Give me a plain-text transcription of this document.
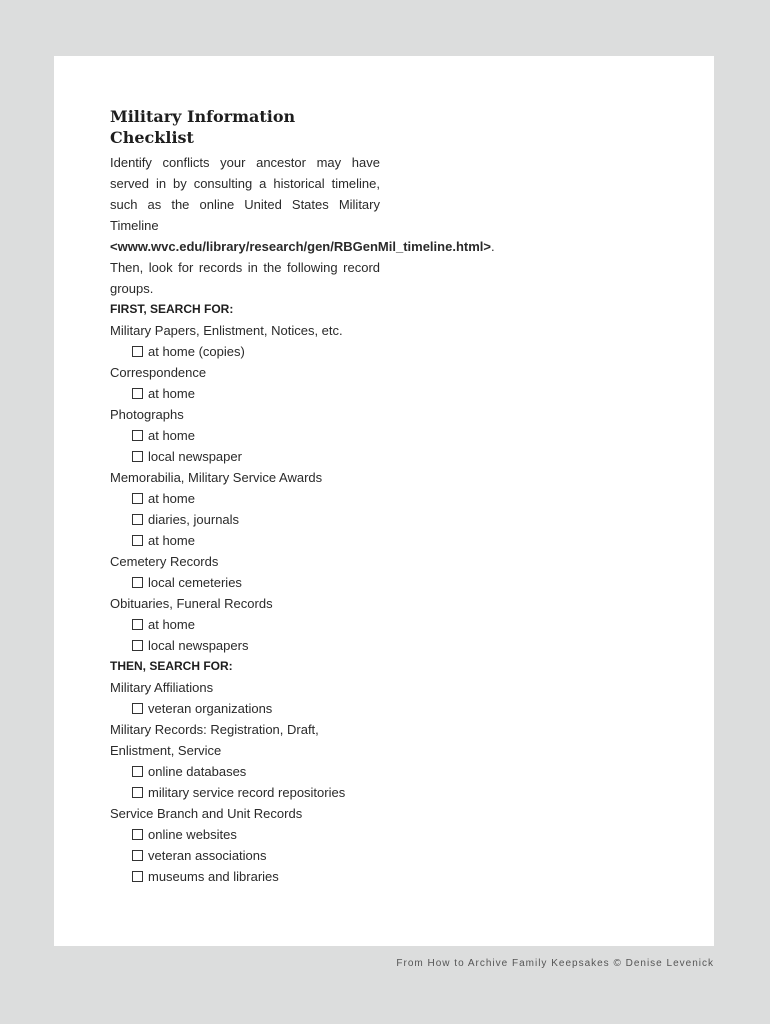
Military Information Checklist

Identify conflicts your ancestor may have served in by consulting a historical timeline, such as the online United States Military Timeline <www.wvc.edu/library/research/gen/RBGenMil_timeline.html>. Then, look for records in the following record groups.

FIRST, SEARCH FOR:
Military Papers, Enlistment, Notices, etc.
at home (copies)
Correspondence
at home
Photographs
at home
local newspaper
Memorabilia, Military Service Awards
at home
diaries, journals
at home
Cemetery Records
local cemeteries
Obituaries, Funeral Records
at home
local newspapers
THEN, SEARCH FOR:
Military Affiliations
veteran organizations
Military Records: Registration, Draft, Enlistment, Service
online databases
military service record repositories
Service Branch and Unit Records
online websites
veteran associations
museums and libraries
From How to Archive Family Keepsakes © Denise Levenick
